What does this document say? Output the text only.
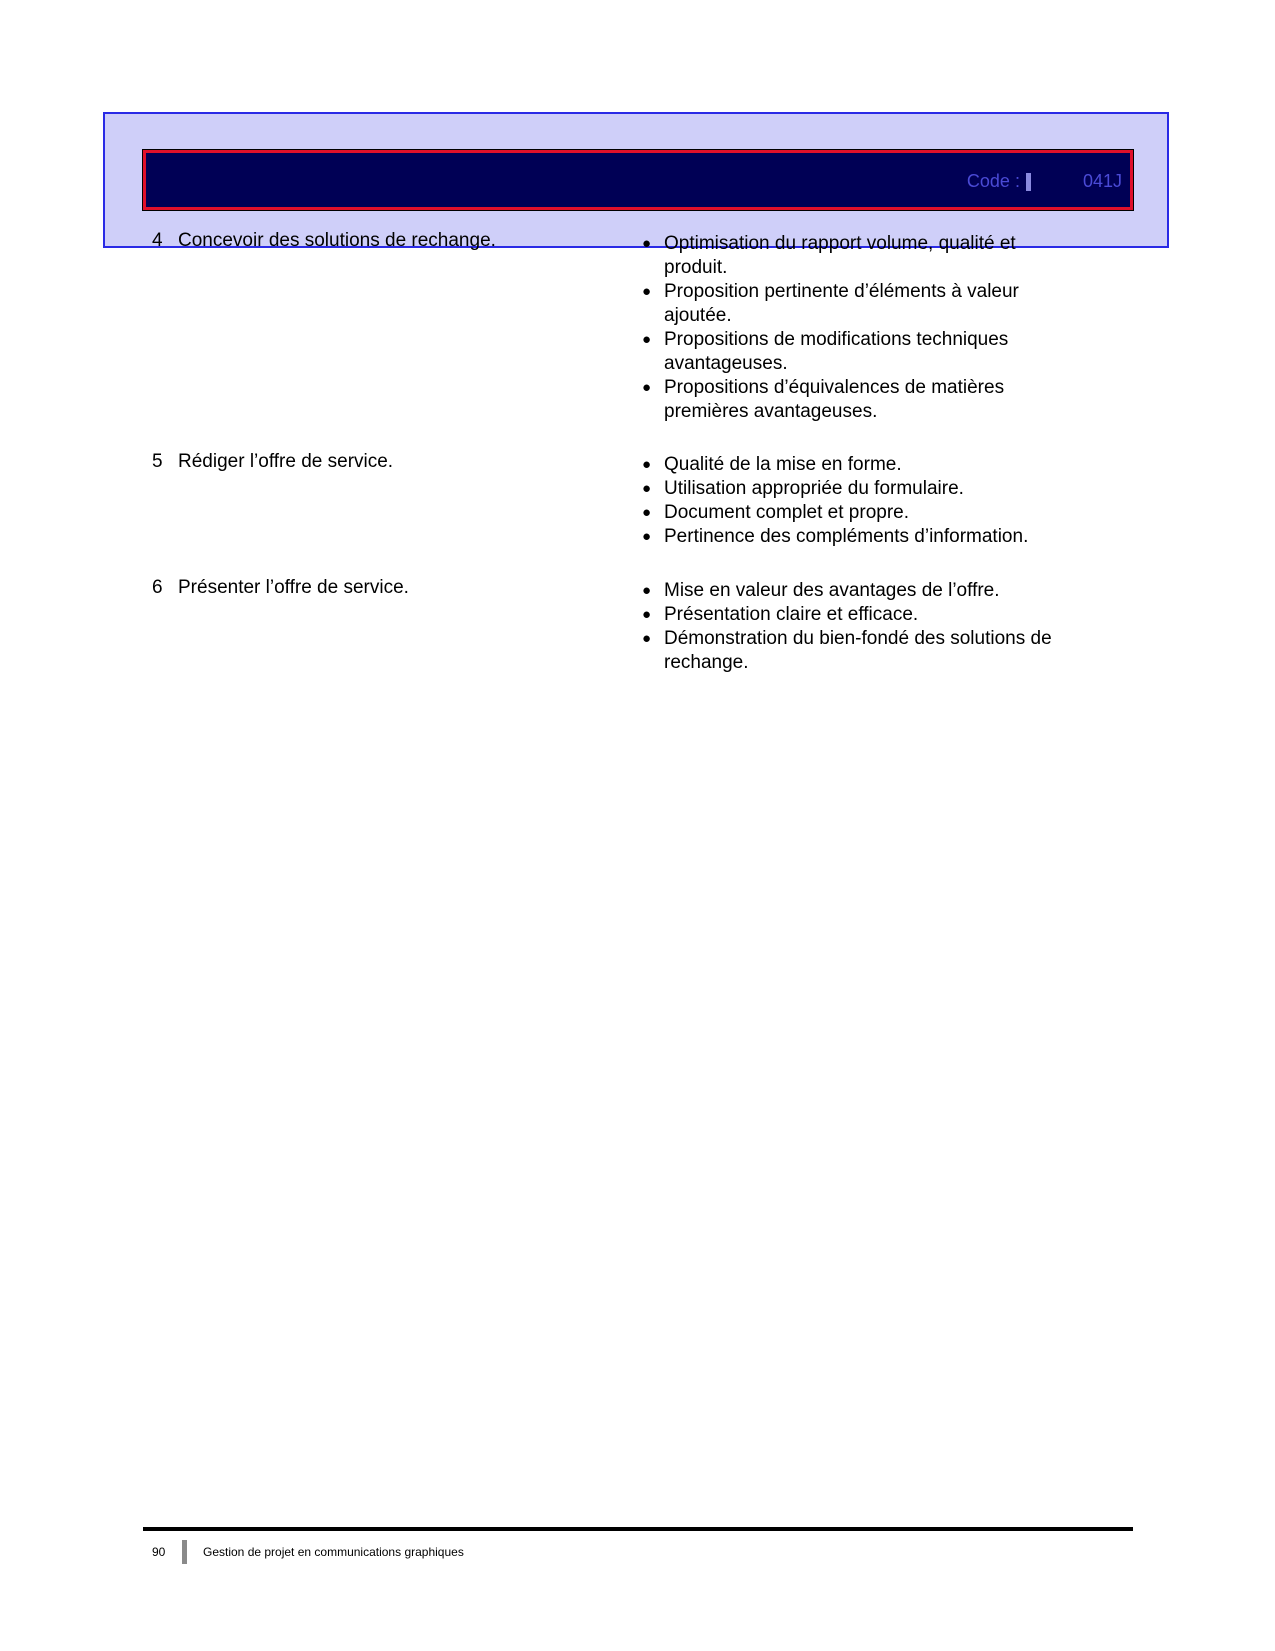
Code :	041J
4 Concevoir des solutions de rechange.	● Optimisation du rapport volume, qualité et produit.
● Proposition pertinente d’éléments à valeur ajoutée.
● Propositions de modifications techniques avantageuses.
● Propositions d’équivalences de matières premières avantageuses.
5 Rédiger l’offre de service.	● Qualité de la mise en forme.
● Utilisation appropriée du formulaire.
● Document complet et propre.
● Pertinence des compléments d’information.
6 Présenter l’offre de service.	● Mise en valeur des avantages de l’offre.
● Présentation claire et efficace.
● Démonstration du bien-fondé des solutions de rechange.
90	Gestion de projet en communications graphiques
